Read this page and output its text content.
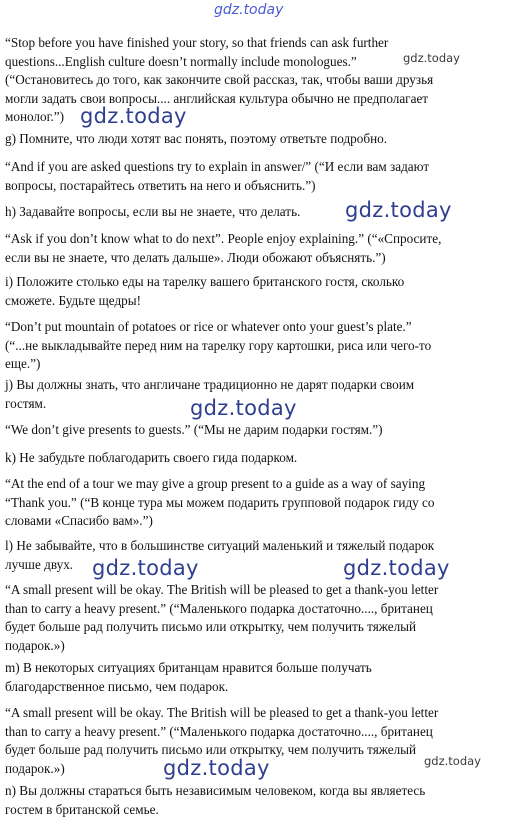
gdz.today

“Stop before you have finished your story, so that friends can ask further
questions...English culture doesn’t normally include monologues.”
(“Остановитесь до того, как закончите свой рассказ, так, чтобы ваши друзья
могли задать свои вопросы.... английская культура обычно не предполагает
монолог.”)

gdz.today
gdz.today

g) Помните, что люди хотят вас понять, поэтому ответьте подробно.

“And if you are asked questions try to explain in answer/” (“И если вам задают
вопросы, постарайтесь ответить на него и объяснить.”)

h) Задавайте вопросы, если вы не знаете, что делать.	gdz.today

“Ask if you don’t know what to do next”. People enjoy explaining.” (“«Спросите,
если вы не знаете, что делать дальше». Люди обожают объяснять.”)

i) Положите столько еды на тарелку вашего британского гостя, сколько
сможете. Будьте щедры!

“Don’t put mountain of potatoes or rice or whatever onto your guest’s plate.”
(“...не выкладывайте перед ним на тарелку гору картошки, риса или чего-то
еще.”)

j) Вы должны знать, что англичане традиционно не дарят подарки своим
гостям.	gdz.today

“We don’t give presents to guests.” (“Мы не дарим подарки гостям.”)

k) Не забудьте поблагодарить своего гида подарком.

“At the end of a tour we may give a group present to a guide as a way of saying
“Thank you.” (“В конце тура мы можем подарить групповой подарок гиду со
словами «Спасибо вам».”)

l) Не забывайте, что в большинстве ситуаций маленький и тяжелый подарок
лучше двух. gdz.today	gdz.today

“A small present will be okay. The British will be pleased to get a thank-you letter
than to carry a heavy present.” (“Маленького подарка достаточно...., британец
будет больше рад получить письмо или открытку, чем получить тяжелый
подарок.»)

m) В некоторых ситуациях британцам нравится больше получать
благодарственное письмо, чем подарок.

“A small present will be okay. The British will be pleased to get a thank-you letter
than to carry a heavy present.” (“Маленького подарка достаточно...., британец
будет больше рад получить письмо или открытку, чем получить тяжелый
подарок.»)	gdz.today
gdz.today

n) Вы должны стараться быть независимым человеком, когда вы являетесь
гостем в британской семье.
